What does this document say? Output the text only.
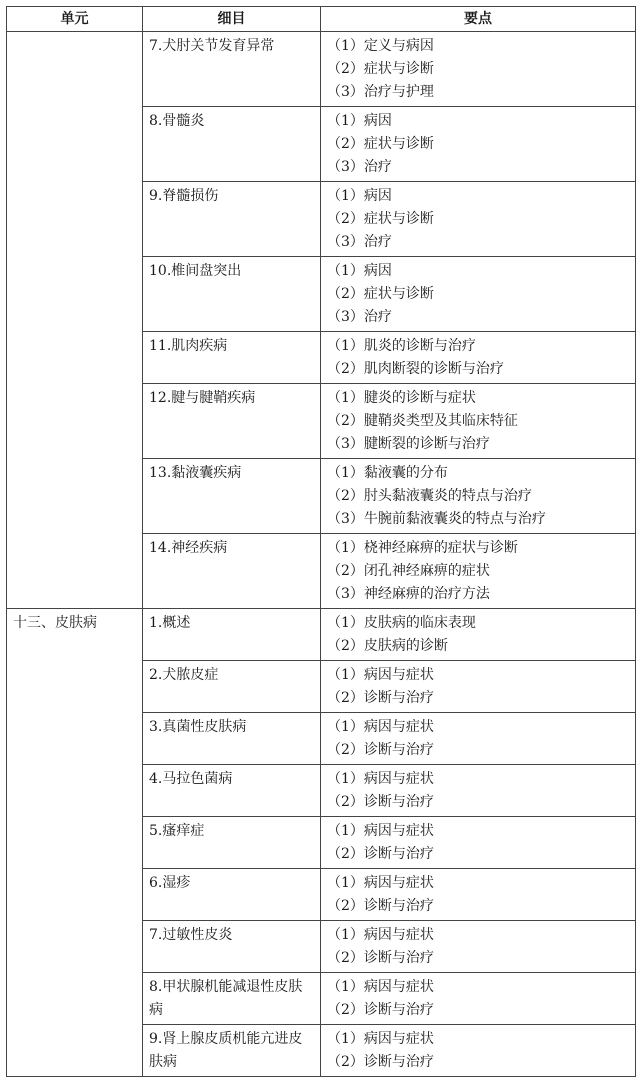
单元	细目	要点
	7.犬肘关节发育异常	（1）定义与病因
（2）症状与诊断
（3）治疗与护理

	8.骨髓炎	（1）病因
（2）症状与诊断
（3）治疗

	9.脊髓损伤	（1）病因
（2）症状与诊断
（3）治疗

	10.椎间盘突出	（1）病因
（2）症状与诊断
（3）治疗

	11.肌肉疾病	（1）肌炎的诊断与治疗
（2）肌肉断裂的诊断与治疗

	12.腱与腱鞘疾病	（1）腱炎的诊断与症状
（2）腱鞘炎类型及其临床特征
（3）腱断裂的诊断与治疗

	13.黏液囊疾病	（1）黏液囊的分布
（2）肘头黏液囊炎的特点与治疗
（3）牛腕前黏液囊炎的特点与治疗

	14.神经疾病	（1）桡神经麻痹的症状与诊断
（2）闭孔神经麻痹的症状
（3）神经麻痹的治疗方法

十三、皮肤病	1.概述	（1）皮肤病的临床表现
（2）皮肤病的诊断

	2.犬脓皮症	（1）病因与症状
（2）诊断与治疗

	3.真菌性皮肤病	（1）病因与症状
（2）诊断与治疗

	4.马拉色菌病	（1）病因与症状
（2）诊断与治疗

	5.瘙痒症	（1）病因与症状
（2）诊断与治疗

	6.湿疹	（1）病因与症状
（2）诊断与治疗

	7.过敏性皮炎	（1）病因与症状
（2）诊断与治疗

	8.甲状腺机能减退性皮肤病	（1）病因与症状
（2）诊断与治疗

	9.肾上腺皮质机能亢进皮肤病	（1）病因与症状
（2）诊断与治疗
